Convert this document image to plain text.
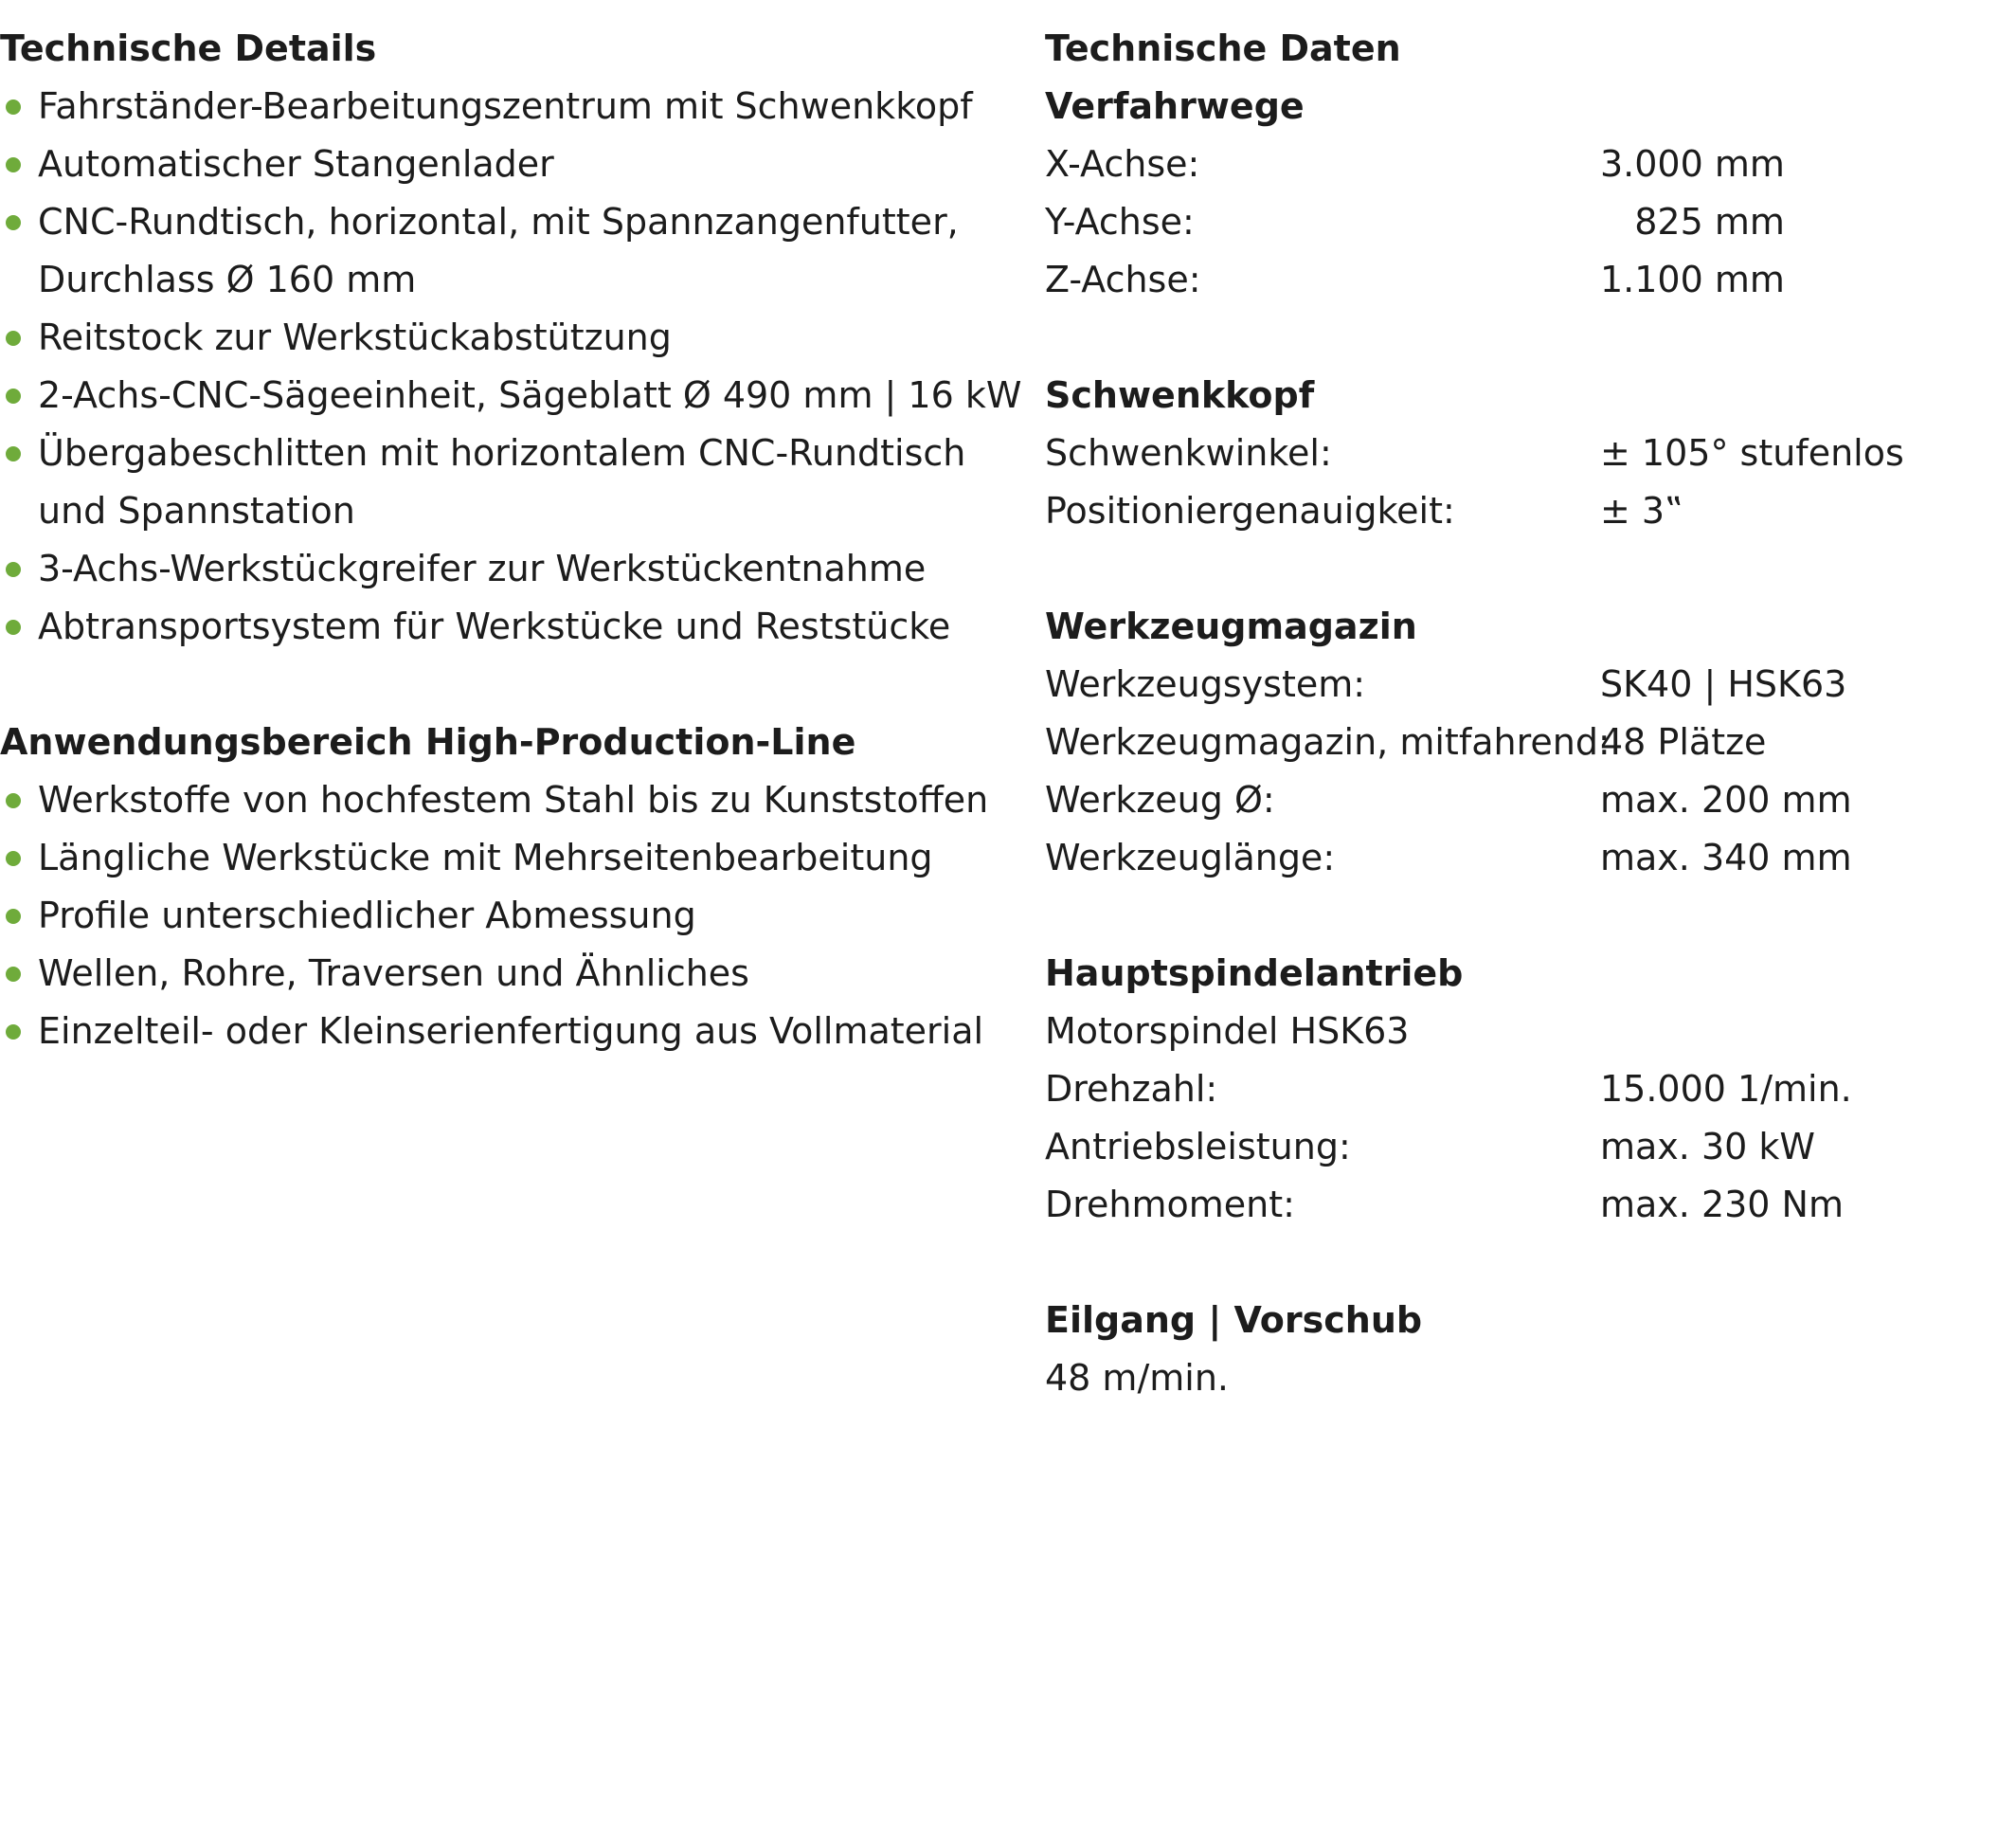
Technische Details
Fahrständer-Bearbeitungszentrum mit Schwenkkopf
Automatischer Stangenlader
CNC-Rundtisch, horizontal, mit Spannzangenfutter,
Durchlass Ø 160 mm
Reitstock zur Werkstückabstützung
2-Achs-CNC-Sägeeinheit, Sägeblatt Ø 490 mm | 16 kW
Übergabeschlitten mit horizontalem CNC-Rundtisch
und Spannstation
3-Achs-Werkstückgreifer zur Werkstückentnahme
Abtransportsystem für Werkstücke und Reststücke
Anwendungsbereich High-Production-Line
Werkstoffe von hochfestem Stahl bis zu Kunststoffen
Längliche Werkstücke mit Mehrseitenbearbeitung
Profile unterschiedlicher Abmessung
Wellen, Rohre, Traversen und Ähnliches
Einzelteil- oder Kleinserienfertigung aus Vollmaterial
Technische Daten
Verfahrwege
X-Achse:	3.000 mm
Y-Achse:	825 mm
Z-Achse:	1.100 mm
Schwenkkopf
Schwenkwinkel:	± 105° stufenlos
Positioniergenauigkeit:	± 3‟
Werkzeugmagazin
Werkzeugsystem:	SK40 | HSK63
Werkzeugmagazin, mitfahrend:
48 Plätze
Werkzeug Ø:	max. 200 mm
Werkzeuglänge:	max. 340 mm
Hauptspindelantrieb
Motorspindel HSK63
Drehzahl:	15.000 1/min.
Antriebsleistung:	max. 30 kW
Drehmoment:	max. 230 Nm
Eilgang | Vorschub
48 m/min.
